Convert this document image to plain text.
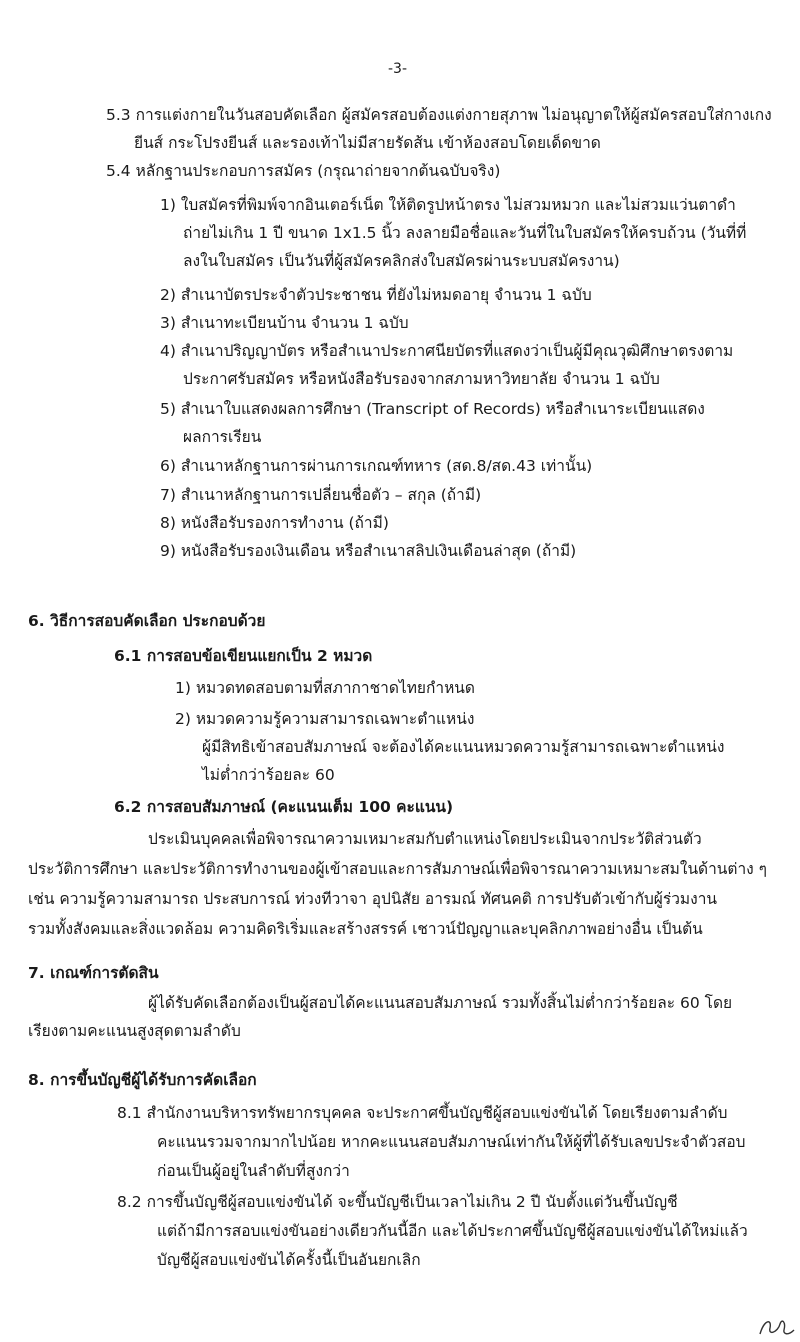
-3-
5.3 การแต่งกายในวันสอบคัดเลือก ผู้สมัครสอบต้องแต่งกายสุภาพ ไม่อนุญาตให้ผู้สมัครสอบใส่กางเกง
ยีนส์ กระโปรงยีนส์ และรองเท้าไม่มีสายรัดส้น เข้าห้องสอบโดยเด็ดขาด
5.4 หลักฐานประกอบการสมัคร (กรุณาถ่ายจากต้นฉบับจริง)
1) ใบสมัครที่พิมพ์จากอินเตอร์เน็ต ให้ติดรูปหน้าตรง ไม่สวมหมวก และไม่สวมแว่นตาดำ
ถ่ายไม่เกิน 1 ปี ขนาด 1x1.5 นิ้ว ลงลายมือชื่อและวันที่ในใบสมัครให้ครบถ้วน (วันที่ที่
ลงในใบสมัคร เป็นวันที่ผู้สมัครคลิกส่งใบสมัครผ่านระบบสมัครงาน)
2) สำเนาบัตรประจำตัวประชาชน ที่ยังไม่หมดอายุ จำนวน 1 ฉบับ
3) สำเนาทะเบียนบ้าน จำนวน 1 ฉบับ
4) สำเนาปริญญาบัตร หรือสำเนาประกาศนียบัตรที่แสดงว่าเป็นผู้มีคุณวุฒิศึกษาตรงตาม
ประกาศรับสมัคร หรือหนังสือรับรองจากสภามหาวิทยาลัย จำนวน 1 ฉบับ
5) สำเนาใบแสดงผลการศึกษา (Transcript of Records) หรือสำเนาระเบียนแสดง
ผลการเรียน
6) สำเนาหลักฐานการผ่านการเกณฑ์ทหาร (สด.8/สด.43 เท่านั้น)
7) สำเนาหลักฐานการเปลี่ยนชื่อตัว – สกุล (ถ้ามี)
8) หนังสือรับรองการทำงาน (ถ้ามี)
9) หนังสือรับรองเงินเดือน หรือสำเนาสลิปเงินเดือนล่าสุด (ถ้ามี)
6. วิธีการสอบคัดเลือก ประกอบด้วย
6.1 การสอบข้อเขียนแยกเป็น 2 หมวด
1) หมวดทดสอบตามที่สภากาชาดไทยกำหนด
2) หมวดความรู้ความสามารถเฉพาะตำแหน่ง
ผู้มีสิทธิเข้าสอบสัมภาษณ์ จะต้องได้คะแนนหมวดความรู้สามารถเฉพาะตำแหน่ง
ไม่ต่ำกว่าร้อยละ 60
6.2 การสอบสัมภาษณ์ (คะแนนเต็ม 100 คะแนน)
ประเมินบุคคลเพื่อพิจารณาความเหมาะสมกับตำแหน่งโดยประเมินจากประวัติส่วนตัว
ประวัติการศึกษา และประวัติการทำงานของผู้เข้าสอบและการสัมภาษณ์เพื่อพิจารณาความเหมาะสมในด้านต่าง ๆ
เช่น ความรู้ความสามารถ ประสบการณ์ ท่วงทีวาจา อุปนิสัย อารมณ์ ทัศนคติ การปรับตัวเข้ากับผู้ร่วมงาน
รวมทั้งสังคมและสิ่งแวดล้อม ความคิดริเริ่มและสร้างสรรค์ เชาวน์ปัญญาและบุคลิกภาพอย่างอื่น เป็นต้น
7. เกณฑ์การตัดสิน
ผู้ได้รับคัดเลือกต้องเป็นผู้สอบได้คะแนนสอบสัมภาษณ์ รวมทั้งสิ้นไม่ต่ำกว่าร้อยละ 60 โดย
เรียงตามคะแนนสูงสุดตามลำดับ
8. การขึ้นบัญชีผู้ได้รับการคัดเลือก
8.1 สำนักงานบริหารทรัพยากรบุคคล จะประกาศขึ้นบัญชีผู้สอบแข่งขันได้ โดยเรียงตามลำดับ
คะแนนรวมจากมากไปน้อย หากคะแนนสอบสัมภาษณ์เท่ากันให้ผู้ที่ได้รับเลขประจำตัวสอบ
ก่อนเป็นผู้อยู่ในลำดับที่สูงกว่า
8.2 การขึ้นบัญชีผู้สอบแข่งขันได้ จะขึ้นบัญชีเป็นเวลาไม่เกิน 2 ปี นับตั้งแต่วันขึ้นบัญชี
แต่ถ้ามีการสอบแข่งขันอย่างเดียวกันนี้อีก และได้ประกาศขึ้นบัญชีผู้สอบแข่งขันได้ใหม่แล้ว
บัญชีผู้สอบแข่งขันได้ครั้งนี้เป็นอันยกเลิก
